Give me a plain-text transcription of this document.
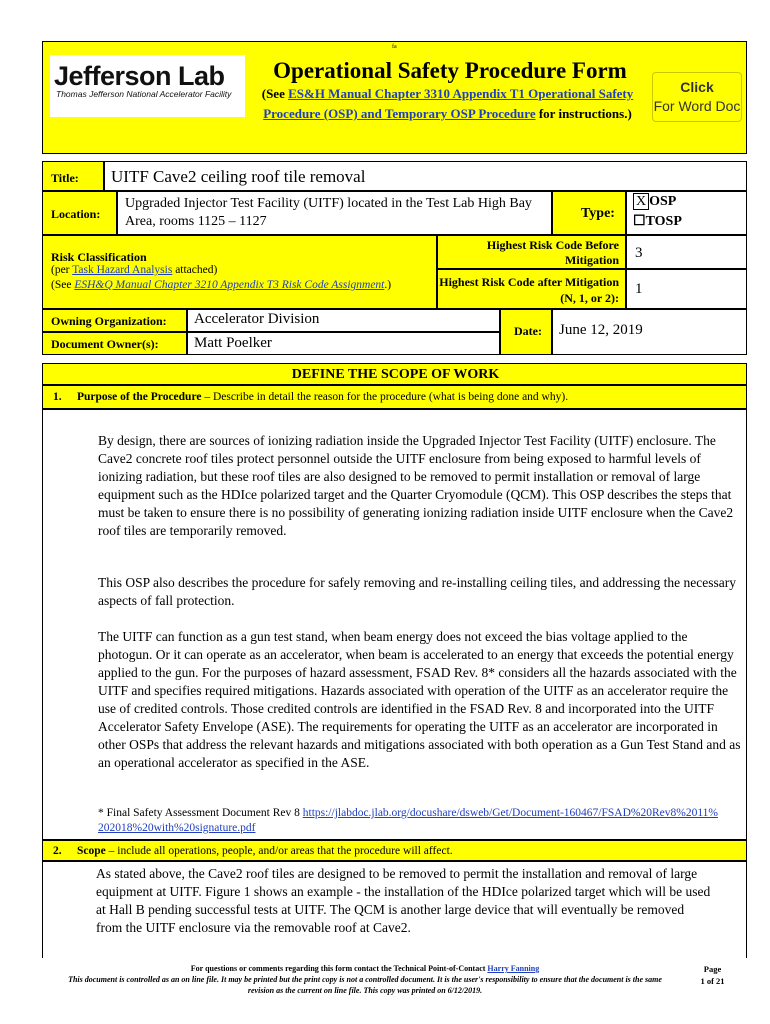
fa
Jefferson Lab
Thomas Jefferson National Accelerator Facility
Operational Safety Procedure Form
(See ES&H Manual Chapter 3310 Appendix T1 Operational Safety Procedure (OSP) and Temporary OSP Procedure for instructions.)
Click
For Word Doc
Title: UITF Cave2 ceiling roof tile removal
Location:
Upgraded Injector Test Facility (UITF) located in the Test Lab High Bay Area, rooms 1125 – 1127
Type:
X OSP
☐TOSP
Risk Classification
(per Task Hazard Analysis attached)
(See ESH&Q Manual Chapter 3210 Appendix T3 Risk Code Assignment.)
Highest Risk Code Before Mitigation 3
Highest Risk Code after Mitigation (N, 1, or 2):
1
Owning Organization: Accelerator Division
Document Owner(s): Matt Poelker
Date: June 12, 2019
DEFINE THE SCOPE OF WORK
1. Purpose of the Procedure – Describe in detail the reason for the procedure (what is being done and why).
By design, there are sources of ionizing radiation inside the Upgraded Injector Test Facility (UITF) enclosure. The Cave2 concrete roof tiles protect personnel outside the UITF enclosure from being exposed to harmful levels of ionizing radiation, but these roof tiles are also designed to be removed to permit installation or removal of large equipment such as the HDIce polarized target and the Quarter Cryomodule (QCM). This OSP describes the steps that must be taken to ensure there is no possibility of generating ionizing radiation inside UITF enclosure when the Cave2 roof tiles are temporarily removed.
This OSP also describes the procedure for safely removing and re-installing ceiling tiles, and addressing the necessary aspects of fall protection.
The UITF can function as a gun test stand, when beam energy does not exceed the bias voltage applied to the photogun. Or it can operate as an accelerator, when beam is accelerated to an energy that exceeds the potential energy applied to the gun. For the purposes of hazard assessment, FSAD Rev. 8* considers all the hazards associated with the UITF and specifies required mitigations. Hazards associated with operation of the UITF as an accelerator require the use of credited controls. Those credited controls are identified in the FSAD Rev. 8 and incorporated into the UITF Accelerator Safety Envelope (ASE). The requirements for operating the UITF as an accelerator are incorporated in other OSPs that address the relevant hazards and mitigations associated with both operation as a Gun Test Stand and as an operational accelerator as specified in the ASE.
* Final Safety Assessment Document Rev 8 https://jlabdoc.jlab.org/docushare/dsweb/Get/Document-160467/FSAD%20Rev8%2011%202018%20with%20signature.pdf
2. Scope – include all operations, people, and/or areas that the procedure will affect.
As stated above, the Cave2 roof tiles are designed to be removed to permit the installation and removal of large equipment at UITF. Figure 1 shows an example - the installation of the HDIce polarized target which will be used at Hall B pending successful tests at UITF. The QCM is another large device that will eventually be removed from the UITF enclosure via the removable roof at Cave2.
For questions or comments regarding this form contact the Technical Point-of-Contact Harry Fanning
This document is controlled as an on line file. It may be printed but the print copy is not a controlled document. It is the user's responsibility to ensure that the document is the same revision as the current on line file. This copy was printed on 6/12/2019.
Page
1 of 21
